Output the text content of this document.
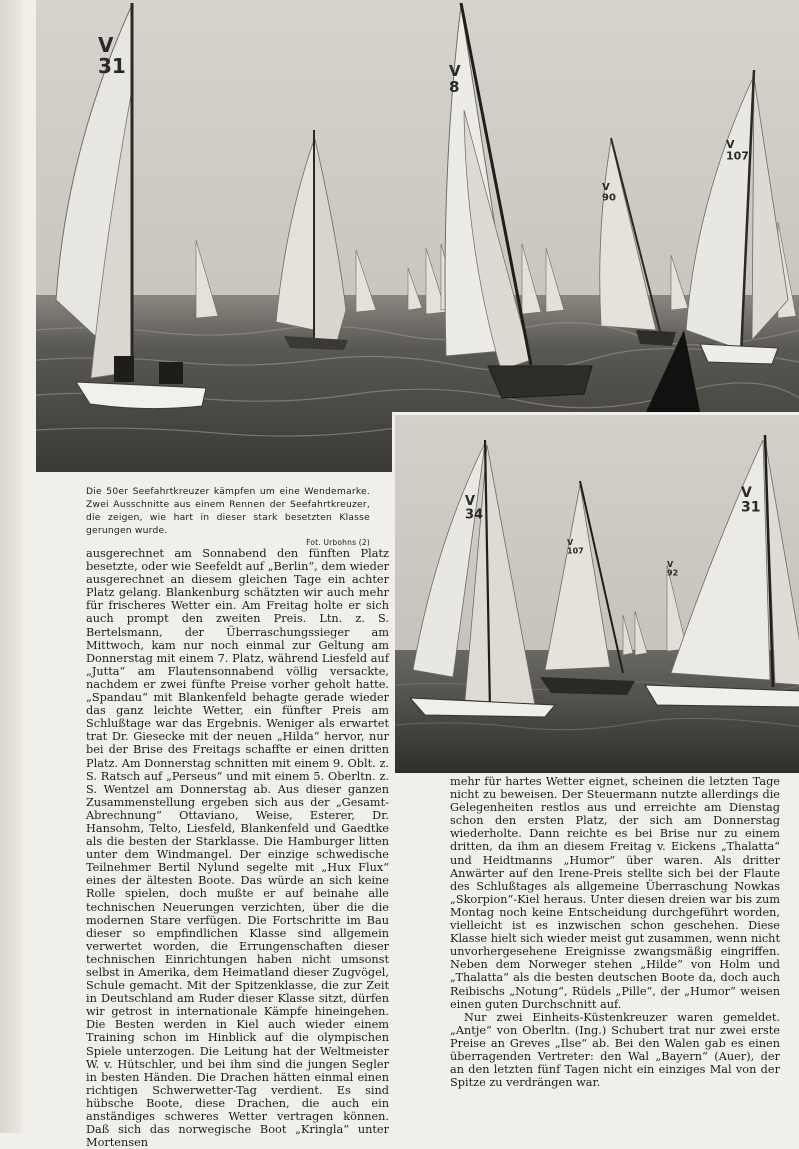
V 31	V 8
V 90
V 107
V 34
V 107
V 31
V 92
Die 50er Seefahrtkreuzer kämpfen um eine Wendemarke. Zwei Ausschnitte aus einem Rennen der Seefahrtkreuzer, die zeigen, wie hart in dieser stark besetzten Klasse gerungen wurde.
Fot. Urbohns (2)

ausgerechnet am Sonnabend den fünften Platz besetzte, oder wie Seefeldt auf „Berlin“, dem wieder ausgerechnet an diesem gleichen Tage ein achter Platz gelang. Blankenburg schätzten wir auch mehr für frischeres Wetter ein. Am Freitag holte er sich auch prompt den zweiten Preis. Ltn. z. S. Bertelsmann, der Überraschungssieger am Mittwoch, kam nur noch einmal zur Geltung am Donnerstag mit einem 7. Platz, während Liesfeld auf „Jutta“ am Flautensonnabend völlig versackte, nachdem er zwei fünfte Preise vorher geholt hatte. „Spandau“ mit Blankenfeld behagte gerade wieder das ganz leichte Wetter, ein fünfter Preis am Schlußtage war das Ergebnis. Weniger als erwartet trat Dr. Giesecke mit der neuen „Hilda“ hervor, nur bei der Brise des Freitags schaffte er einen dritten Platz. Am Donnerstag schnitten mit einem 9. Oblt. z. S. Ratsch auf „Perseus“ und mit einem 5. Oberltn. z. S. Wentzel am Donnerstag ab. Aus dieser ganzen Zusammenstellung ergeben sich aus der „Gesamt-Abrechnung“ Ottaviano, Weise, Esterer, Dr. Hansohm, Telto, Liesfeld, Blankenfeld und Gaedtke als die besten der Starklasse. Die Hamburger litten unter dem Windmangel. Der einzige schwedische Teilnehmer Bertil Nylund segelte mit „Hux Flux“ eines der ältesten Boote. Das würde an sich keine Rolle spielen, doch mußte er auf beinahe alle technischen Neuerungen verzichten, über die die modernen Stare verfügen. Die Fortschritte im Bau dieser so empfindlichen Klasse sind allgemein verwertet worden, die Errungenschaften dieser technischen Einrichtungen haben nicht umsonst selbst in Amerika, dem Heimatland dieser Zugvögel, Schule gemacht. Mit der Spitzenklasse, die zur Zeit in Deutschland am Ruder dieser Klasse sitzt, dürfen wir getrost in internationale Kämpfe hineingehen. Die Besten werden in Kiel auch wieder einem Training schon im Hinblick auf die olympischen Spiele unterzogen. Die Leitung hat der Weltmeister W. v. Hütschler, und bei ihm sind die jungen Segler in besten Händen. Die Drachen hätten einmal einen richtigen Schwerwetter-Tag verdient. Es sind hübsche Boote, diese Drachen, die auch ein anständiges schweres Wetter vertragen können. Daß sich das norwegische Boot „Kringla“ unter Mortensen

mehr für hartes Wetter eignet, scheinen die letzten Tage nicht zu beweisen. Der Steuermann nutzte allerdings die Gelegenheiten restlos aus und erreichte am Dienstag schon den ersten Platz, der sich am Donnerstag wiederholte. Dann reichte es bei Brise nur zu einem dritten, da ihm an diesem Freitag v. Eickens „Thalatta“ und Heidtmanns „Humor“ über waren. Als dritter Anwärter auf den Irene-Preis stellte sich bei der Flaute des Schlußtages als allgemeine Überraschung Nowkas „Skorpion“-Kiel heraus. Unter diesen dreien war bis zum Montag noch keine Entscheidung durchgeführt worden, vielleicht ist es inzwischen schon geschehen. Diese Klasse hielt sich wieder meist gut zusammen, wenn nicht unvorhergesehene Ereignisse zwangsmäßig eingriffen. Neben dem Norweger stehen „Hilde“ von Holm und „Thalatta“ als die besten deutschen Boote da, doch auch Reibischs „Notung“, Rüdels „Pille“, der „Humor“ weisen einen guten Durchschnitt auf.

Nur zwei Einheits-Küstenkreuzer waren gemeldet. „Antje“ von Oberltn. (Ing.) Schubert trat nur zwei erste Preise an Greves „Ilse“ ab. Bei den Walen gab es einen überragenden Vertreter: den Wal „Bayern“ (Auer), der an den letzten fünf Tagen nicht ein einziges Mal von der Spitze zu verdrängen war.
